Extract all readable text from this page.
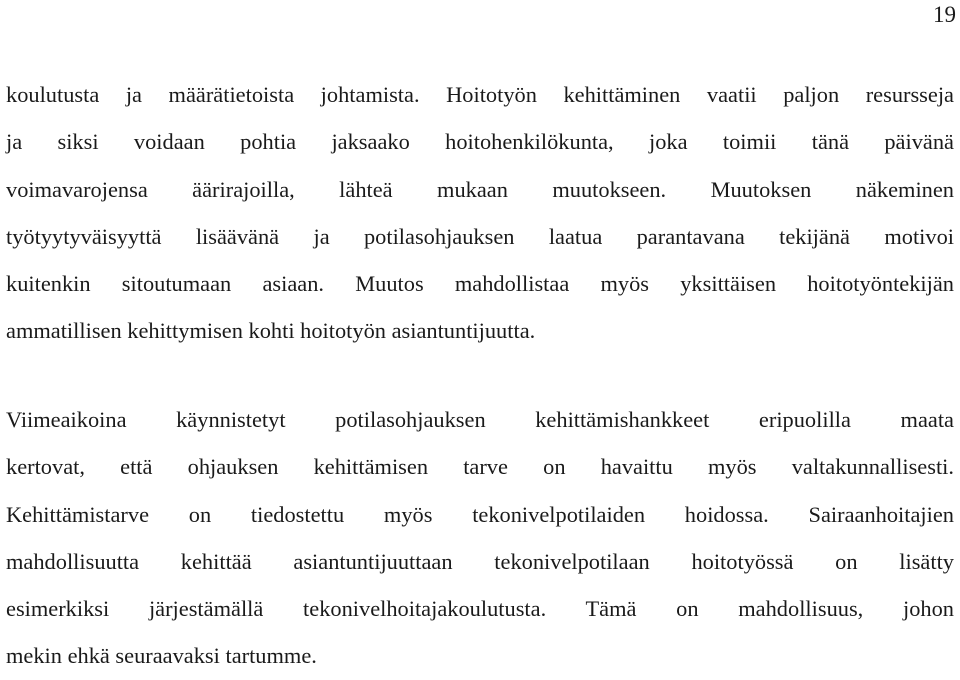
19

koulutusta ja määrätietoista johtamista. Hoitotyön kehittäminen vaatii paljon resursseja
ja siksi voidaan pohtia jaksaako hoitohenkilökunta, joka toimii tänä päivänä
voimavarojensa äärirajoilla, lähteä mukaan muutokseen. Muutoksen näkeminen
työtyytyväisyyttä lisäävänä ja potilasohjauksen laatua parantavana tekijänä motivoi
kuitenkin sitoutumaan asiaan. Muutos mahdollistaa myös yksittäisen hoitotyöntekijän
ammatillisen kehittymisen kohti hoitotyön asiantuntijuutta.

Viimeaikoina käynnistetyt potilasohjauksen kehittämishankkeet eripuolilla maata
kertovat, että ohjauksen kehittämisen tarve on havaittu myös valtakunnallisesti.
Kehittämistarve on tiedostettu myös tekonivelpotilaiden hoidossa. Sairaanhoitajien
mahdollisuutta kehittää asiantuntijuuttaan tekonivelpotilaan hoitotyössä on lisätty
esimerkiksi järjestämällä tekonivelhoitajakoulutusta. Tämä on mahdollisuus, johon
mekin ehkä seuraavaksi tartumme.
